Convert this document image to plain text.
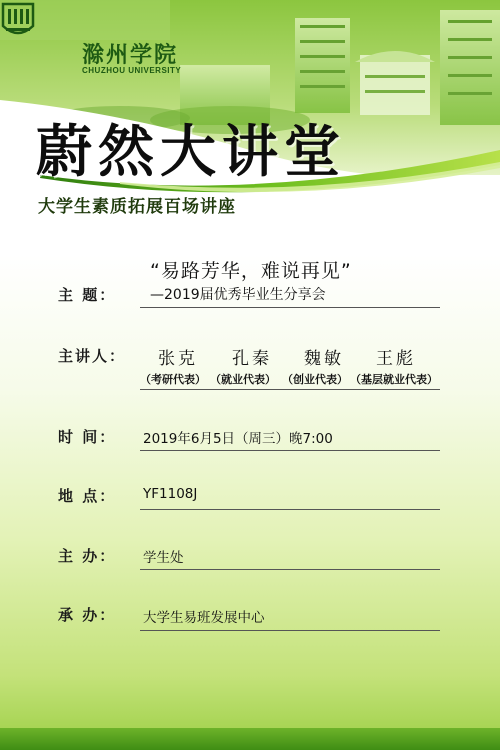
滁州学院
CHUZHOU UNIVERSITY
蔚然大讲堂
大学生素质拓展百场讲座
主 题：
“易路芳华，难说再见”
—2019届优秀毕业生分享会
主讲人： 张克 孔秦 魏敏 王彪
（考研代表） （就业代表） （创业代表） （基层就业代表）
时 间： 2019年6月5日（周三）晚7:00
地 点： YF1108J
主 办： 学生处
承 办： 大学生易班发展中心
